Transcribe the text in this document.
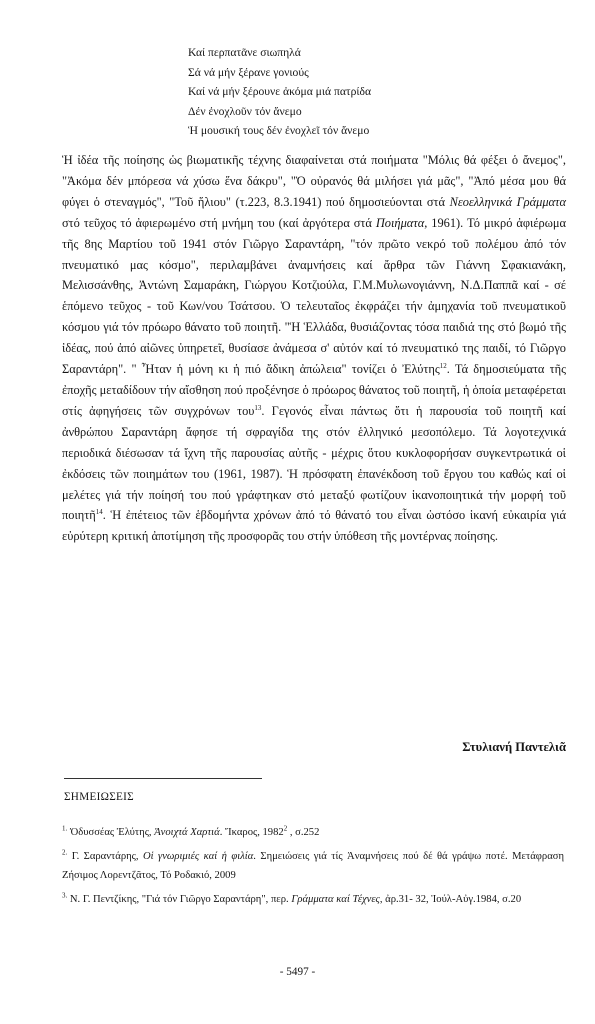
Καί περπατᾶνε σιωπηλά
Σά νά μήν ξέρανε γονιούς
Καί νά μήν ξέρουνε ἀκόμα μιά πατρίδα
Δέν ἐνοχλοῦν τόν ἄνεμο
Ἡ μουσική τους δέν ἐνοχλεῖ τόν ἄνεμο

Ἡ ἰδέα τῆς ποίησης ὡς βιωματικῆς τέχνης διαφαίνεται στά ποιήματα "Μόλις θά φέξει ὁ ἄνεμος", "Ἀκόμα δέν μπόρεσα νά χύσω ἕνα δάκρυ", "Ὁ οὐρανός θά μιλήσει γιά μᾶς", "Ἀπό μέσα μου θά φύγει ὁ στεναγμός", "Τοῦ ἥλιου" (τ.223, 8.3.1941) πού δημοσιεύονται στά Νεοελληνικά Γράμματα στό τεῦχος τό ἀφιερωμένο στή μνήμη του (καί ἀργότερα στά Ποιήματα, 1961). Τό μικρό ἀφιέρωμα τῆς 8ης Μαρτίου τοῦ 1941 στόν Γιῶργο Σαραντάρη, "τόν πρῶτο νεκρό τοῦ πολέμου ἀπό τόν πνευματικό μας κόσμο", περιλαμβάνει ἀναμνήσεις καί ἄρθρα τῶν Γιάννη Σφακιανάκη, Μελισσάνθης, Ἀντώνη Σαμαράκη, Γιώργου Κοτζιούλα, Γ.Μ.Μυλωνογιάννη, Ν.Δ.Παππᾶ καί - σέ ἑπόμενο τεῦχος - τοῦ Κων/νου Τσάτσου. Ὁ τελευταῖος ἐκφράζει τήν ἀμηχανία τοῦ πνευματικοῦ κόσμου γιά τόν πρόωρο θάνατο τοῦ ποιητῆ. "Ἡ Ἑλλάδα, θυσιάζοντας τόσα παιδιά της στό βωμό τῆς ἰδέας, πού ἀπό αἰῶνες ὑπηρετεῖ, θυσίασε ἀνάμεσα σ' αὐτόν καί τό πνευματικό της παιδί, τό Γιῶργο Σαραντάρη". " Ἦταν ἡ μόνη κι ἡ πιό ἄδικη ἀπώλεια" τονίζει ὁ Ἐλύτης$^{12}$. Τά δημοσιεύματα τῆς ἐποχῆς μεταδίδουν τήν αἴσθηση πού προξένησε ὁ πρόωρος θάνατος τοῦ ποιητῆ, ἡ ὁποία μεταφέρεται στίς ἀφηγήσεις τῶν συγχρόνων του$^{13}$. Γεγονός εἶναι πάντως ὅτι ἡ παρουσία τοῦ ποιητῆ καί ἀνθρώπου Σαραντάρη ἄφησε τή σφραγίδα της στόν ἑλληνικό μεσοπόλεμο. Τά λογοτεχνικά περιοδικά διέσωσαν τά ἴχνη τῆς παρουσίας αὐτῆς - μέχρις ὅτου κυκλοφορήσαν συγκεντρωτικά οἱ ἐκδόσεις τῶν ποιημάτων του (1961, 1987). Ἡ πρόσφατη ἐπανέκδοση τοῦ ἔργου του καθώς καί οἱ μελέτες γιά τήν ποίησή του πού γράφτηκαν στό μεταξύ φωτίζουν ἱκανοποιητικά τήν μορφή τοῦ ποιητῆ$^{14}$. Ἡ ἐπέτειος τῶν ἑβδομήντα χρόνων ἀπό τό θάνατό του εἶναι ὡστόσο ἱκανή εὐκαιρία γιά εὐρύτερη κριτική ἀποτίμηση τῆς προσφορᾶς του στήν ὑπόθεση τῆς μοντέρνας ποίησης.

Στυλιανή Παντελιᾶ
ΣΗΜΕΙΩΣΕΙΣ
$^{1.}$ Ὀδυσσέας Ἐλύτης, Ἀνοιχτά Χαρτιά. Ἴκαρος, 1982$^2$ , σ.252
$^{2.}$ Γ. Σαραντάρης, Οἱ γνωριμιές καί ἡ φιλία. Σημειώσεις γιά τίς Ἀναμνήσεις πού δέ θά γράψω ποτέ. Μετάφραση Ζήσιμος Λορεντζᾶτος, Τό Ροδακιό, 2009
$^{3.}$ Ν. Γ. Πεντζίκης, "Γιά τόν Γιῶργο Σαραντάρη", περ. Γράμματα καί Τέχνες, ἀρ.31- 32, Ἰούλ-Αὐγ.1984, σ.20
- 5497 -
